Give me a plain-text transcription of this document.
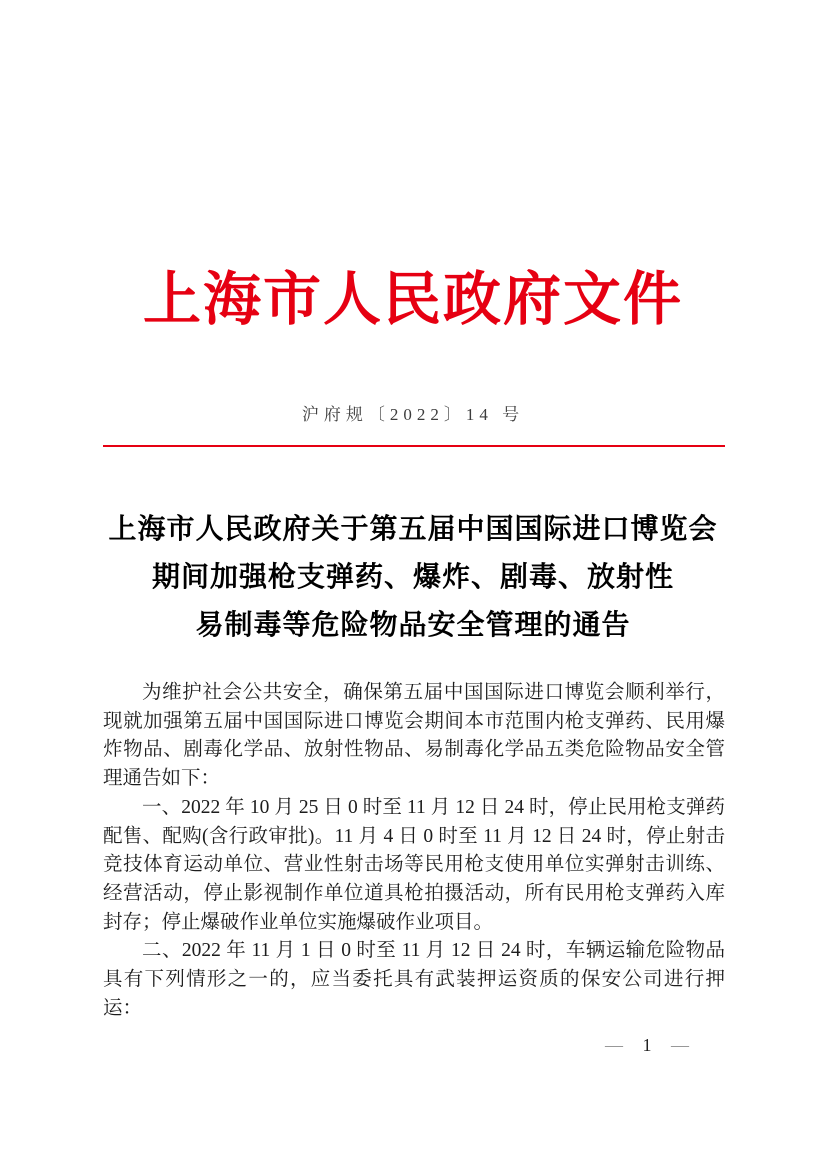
上海市人民政府文件
沪府规〔2022〕14 号
上海市人民政府关于第五届中国国际进口博览会
期间加强枪支弹药、爆炸、剧毒、放射性
易制毒等危险物品安全管理的通告

为维护社会公共安全，确保第五届中国国际进口博览会顺利举行，现就加强第五届中国国际进口博览会期间本市范围内枪支弹药、民用爆炸物品、剧毒化学品、放射性物品、易制毒化学品五类危险物品安全管理通告如下：

一、2022 年 10 月 25 日 0 时至 11 月 12 日 24 时，停止民用枪支弹药配售、配购(含行政审批)。11 月 4 日 0 时至 11 月 12 日 24 时，停止射击竞技体育运动单位、营业性射击场等民用枪支使用单位实弹射击训练、经营活动，停止影视制作单位道具枪拍摄活动，所有民用枪支弹药入库封存；停止爆破作业单位实施爆破作业项目。

二、2022 年 11 月 1 日 0 时至 11 月 12 日 24 时，车辆运输危险物品具有下列情形之一的，应当委托具有武装押运资质的保安公司进行押运：

— 1 —
